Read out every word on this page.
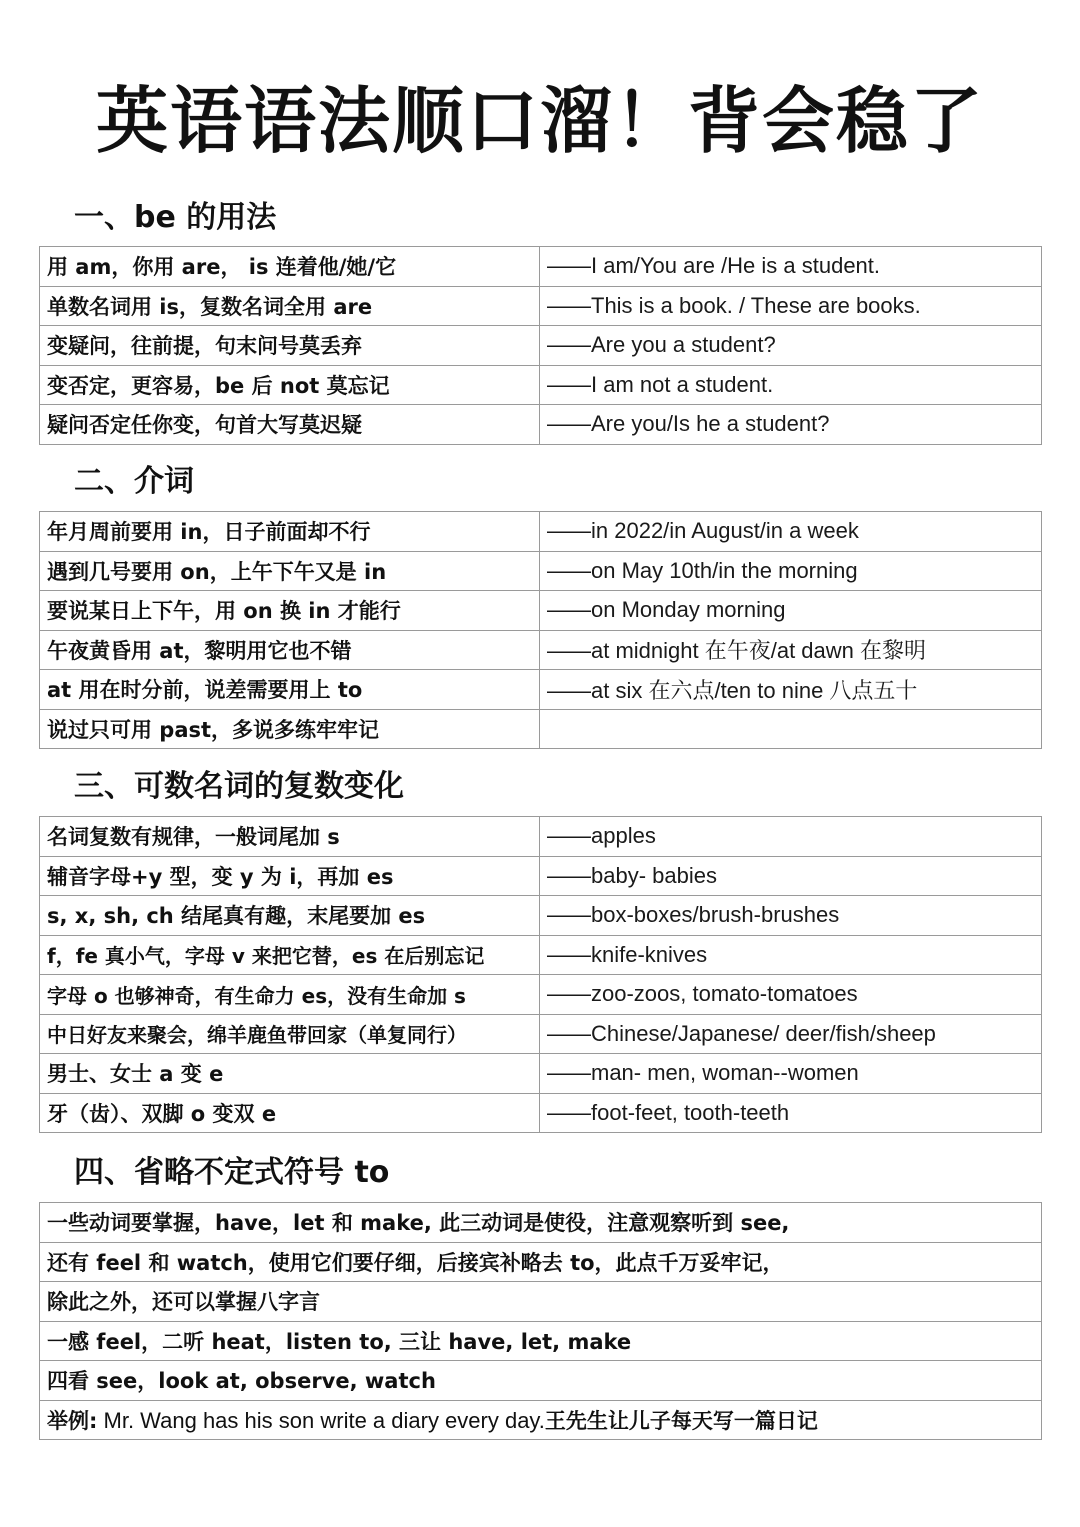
英语语法顺口溜！背会稳了
一、be 的用法
用 am，你用 are， is 连着他/她/它	——I am/You are /He is a student.
单数名词用 is，复数名词全用 are	——This is a book. / These are books.
变疑问，往前提，句末问号莫丢弃	——Are you a student?
变否定，更容易，be 后 not 莫忘记	——I am not a student.
疑问否定任你变，句首大写莫迟疑	——Are you/Is he a student?
二、介词
年月周前要用 in，日子前面却不行	——in 2022/in August/in a week
遇到几号要用 on，上午下午又是 in	——on May 10th/in the morning
要说某日上下午，用 on 换 in 才能行	——on Monday morning
午夜黄昏用 at，黎明用它也不错	——at midnight 在午夜/at dawn 在黎明
at 用在时分前，说差需要用上 to	——at six 在六点/ten to nine 八点五十
说过只可用 past，多说多练牢牢记	
三、可数名词的复数变化
名词复数有规律，一般词尾加 s	——apples
辅音字母+y 型，变 y 为 i，再加 es	——baby- babies
s, x, sh, ch 结尾真有趣，末尾要加 es	——box-boxes/brush-brushes
f，fe 真小气，字母 v 来把它替，es 在后别忘记	——knife-knives
字母 o 也够神奇，有生命力 es，没有生命加 s	——zoo-zoos, tomato-tomatoes
中日好友来聚会，绵羊鹿鱼带回家（单复同行）	——Chinese/Japanese/ deer/fish/sheep
男士、女士 a 变 e	——man- men, woman--women
牙（齿）、双脚 o 变双 e	——foot-feet, tooth-teeth
四、省略不定式符号 to
一些动词要掌握，have，let 和 make, 此三动词是使役，注意观察听到 see,
还有 feel 和 watch，使用它们要仔细，后接宾补略去 to，此点千万妥牢记，
除此之外，还可以掌握八字言
一感 feel，二听 heat，listen to, 三让 have, let, make
四看 see，look at, observe, watch
举例: Mr. Wang has his son write a diary every day.王先生让儿子每天写一篇日记
